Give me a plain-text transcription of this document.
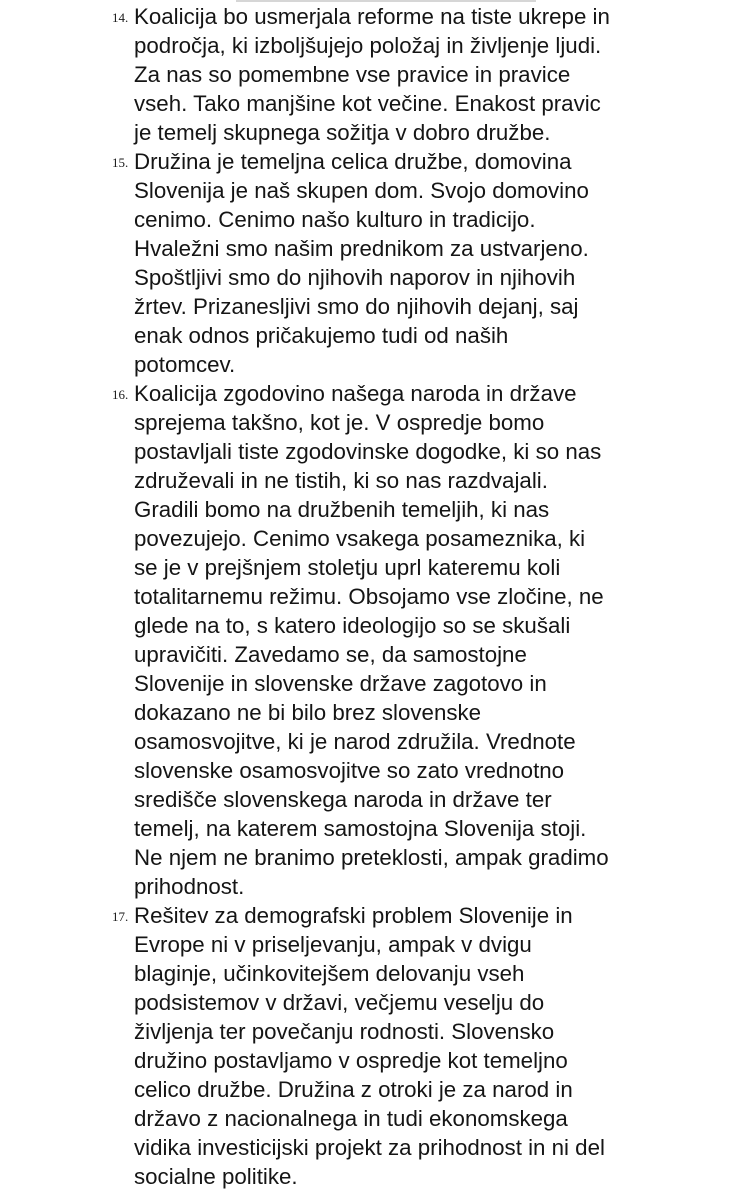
14. Koalicija bo usmerjala reforme na tiste ukrepe in
področja, ki izboljšujejo položaj in življenje ljudi.
Za nas so pomembne vse pravice in pravice
vseh. Tako manjšine kot večine. Enakost pravic
je temelj skupnega sožitja v dobro družbe.
15. Družina je temeljna celica družbe, domovina
Slovenija je naš skupen dom. Svojo domovino
cenimo. Cenimo našo kulturo in tradicijo.
Hvaležni smo našim prednikom za ustvarjeno.
Spoštljivi smo do njihovih naporov in njihovih
žrtev. Prizanesljivi smo do njihovih dejanj, saj
enak odnos pričakujemo tudi od naših
potomcev.
16. Koalicija zgodovino našega naroda in države
sprejema takšno, kot je. V ospredje bomo
postavljali tiste zgodovinske dogodke, ki so nas
združevali in ne tistih, ki so nas razdvajali.
Gradili bomo na družbenih temeljih, ki nas
povezujejo. Cenimo vsakega posameznika, ki
se je v prejšnjem stoletju uprl kateremu koli
totalitarnemu režimu. Obsojamo vse zločine, ne
glede na to, s katero ideologijo so se skušali
upravičiti. Zavedamo se, da samostojne
Slovenije in slovenske države zagotovo in
dokazano ne bi bilo brez slovenske
osamosvojitve, ki je narod združila. Vrednote
slovenske osamosvojitve so zato vrednotno
središče slovenskega naroda in države ter
temelj, na katerem samostojna Slovenija stoji.
Ne njem ne branimo preteklosti, ampak gradimo
prihodnost.
17. Rešitev za demografski problem Slovenije in
Evrope ni v priseljevanju, ampak v dvigu
blaginje, učinkovitejšem delovanju vseh
podsistemov v državi, večjemu veselju do
življenja ter povečanju rodnosti. Slovensko
družino postavljamo v ospredje kot temeljno
celico družbe. Družina z otroki je za narod in
državo z nacionalnega in tudi ekonomskega
vidika investicijski projekt za prihodnost in ni del
socialne politike.
